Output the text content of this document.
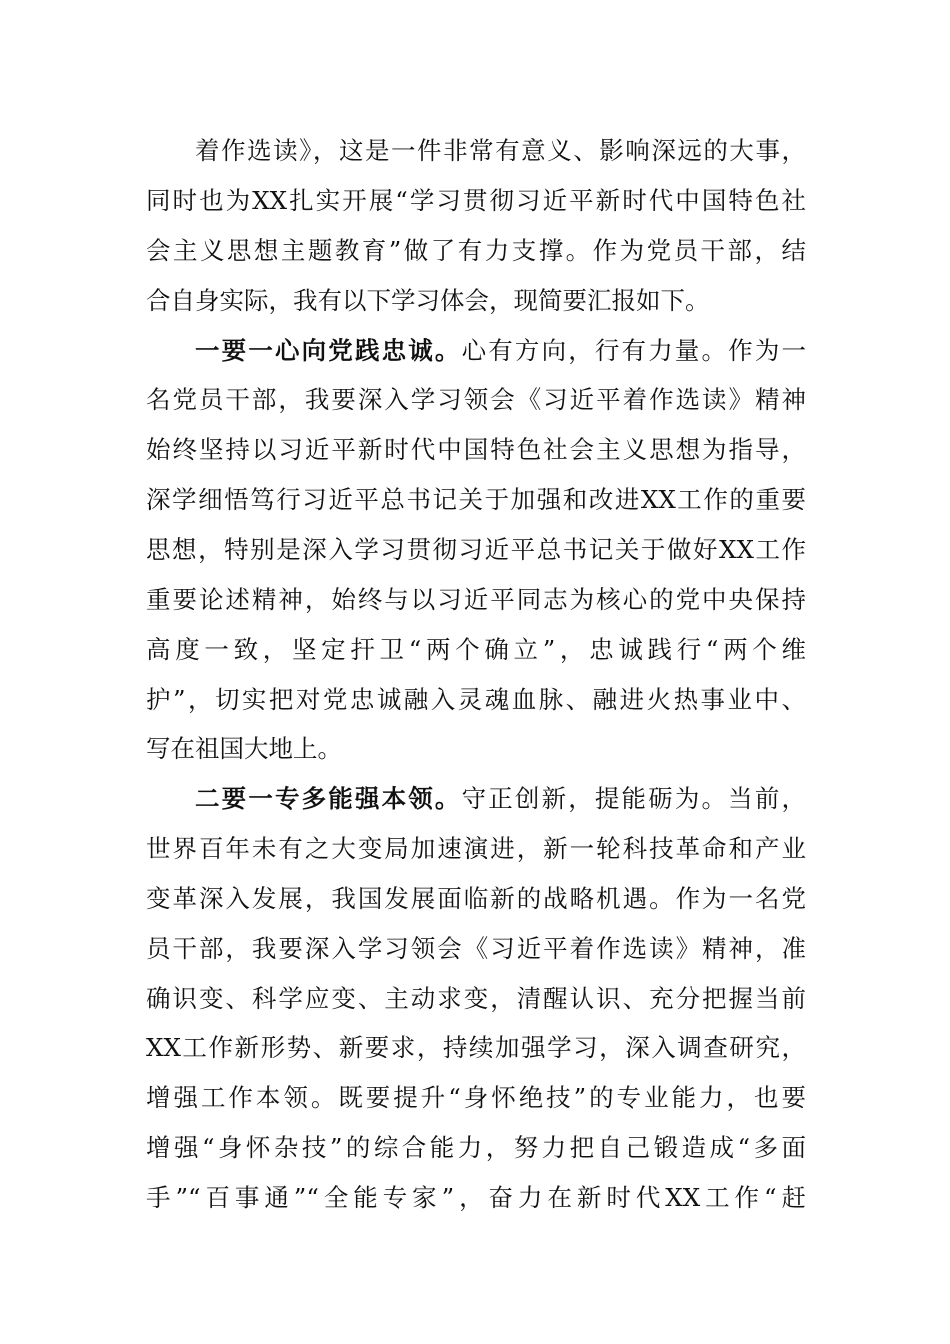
着作选读》，这是一件非常有意义、影响深远的大事，
同时也为XX扎实开展“学习贯彻习近平新时代中国特色社
会主义思想主题教育”做了有力支撑。作为党员干部，结
合自身实际，我有以下学习体会，现简要汇报如下。
一要一心向党践忠诚。心有方向，行有力量。作为一
名党员干部，我要深入学习领会《习近平着作选读》精神
始终坚持以习近平新时代中国特色社会主义思想为指导，
深学细悟笃行习近平总书记关于加强和改进XX工作的重要
思想，特别是深入学习贯彻习近平总书记关于做好XX工作
重要论述精神，始终与以习近平同志为核心的党中央保持
高度一致，坚定扞卫“两个确立”，忠诚践行“两个维
护”，切实把对党忠诚融入灵魂血脉、融进火热事业中、
写在祖国大地上。
二要一专多能强本领。守正创新，提能砺为。当前，
世界百年未有之大变局加速演进，新一轮科技革命和产业
变革深入发展，我国发展面临新的战略机遇。作为一名党
员干部，我要深入学习领会《习近平着作选读》精神，准
确识变、科学应变、主动求变，清醒认识、充分把握当前
XX工作新形势、新要求，持续加强学习，深入调查研究，
增强工作本领。既要提升“身怀绝技”的专业能力，也要
增强“身怀杂技”的综合能力，努力把自己锻造成“多面
手”“百事通”“全能专家”，奋力在新时代XX工作“赶
